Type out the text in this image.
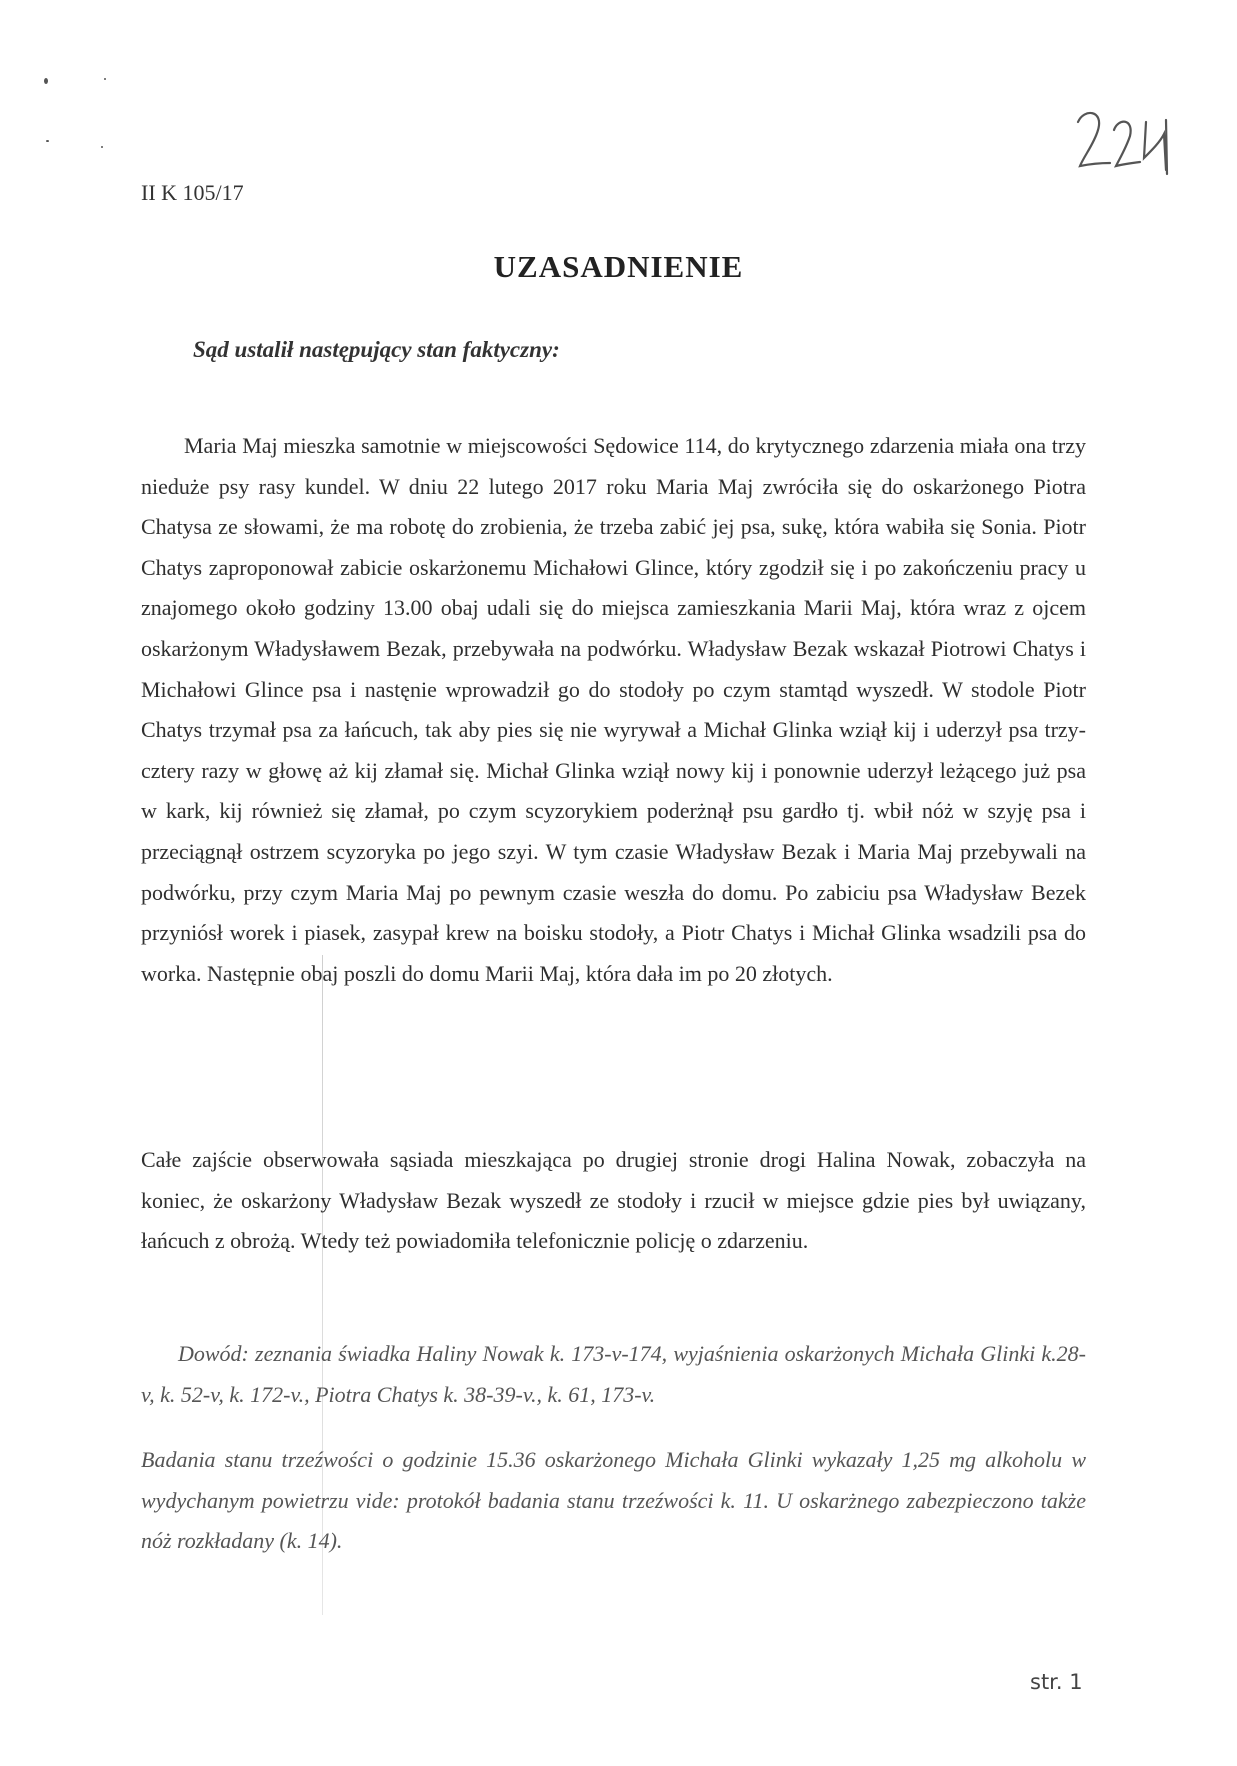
II K 105/17
UZASADNIENIE
Sąd ustalił następujący stan faktyczny:

Maria Maj mieszka samotnie w miejscowości Sędowice 114, do krytycznego zdarzenia miała ona trzy nieduże psy rasy kundel. W dniu 22 lutego 2017 roku Maria Maj zwróciła się do oskarżonego Piotra Chatysa ze słowami, że ma robotę do zrobienia, że trzeba zabić jej psa, sukę, która wabiła się Sonia. Piotr Chatys zaproponował zabicie oskarżonemu Michałowi Glince, który zgodził się i po zakończeniu pracy u znajomego około godziny 13.00 obaj udali się do miejsca zamieszkania Marii Maj, która wraz z ojcem oskarżonym Władysławem Bezak, przebywała na podwórku. Władysław Bezak wskazał Piotrowi Chatys i Michałowi Glince psa i nastęnie wprowadził go do stodoły po czym stamtąd wyszedł. W stodole Piotr Chatys trzymał psa za łańcuch, tak aby pies się nie wyrywał a Michał Glinka wziął kij i uderzył psa trzy- cztery razy w głowę aż kij złamał się. Michał Glinka wziął nowy kij i ponownie uderzył leżącego już psa w kark, kij również się złamał, po czym scyzorykiem poderżnął psu gardło tj. wbił nóż w szyję psa i przeciągnął ostrzem scyzoryka po jego szyi. W tym czasie Władysław Bezak i Maria Maj przebywali na podwórku, przy czym Maria Maj po pewnym czasie weszła do domu. Po zabiciu psa Władysław Bezek przyniósł worek i piasek, zasypał krew na boisku stodoły, a Piotr Chatys i Michał Glinka wsadzili psa do worka. Następnie obaj poszli do domu Marii Maj, która dała im po 20 złotych.

Całe zajście obserwowała sąsiada mieszkająca po drugiej stronie drogi Halina Nowak, zobaczyła na koniec, że oskarżony Władysław Bezak wyszedł ze stodoły i rzucił w miejsce gdzie pies był uwiązany, łańcuch z obrożą. Wtedy też powiadomiła telefonicznie policję o zdarzeniu.

Dowód: zeznania świadka Haliny Nowak k. 173-v-174, wyjaśnienia oskarżonych Michała Glinki k.28- v, k. 52-v, k. 172-v., Piotra Chatys k. 38-39-v., k. 61, 173-v.

Badania stanu trzeźwości o godzinie 15.36 oskarżonego Michała Glinki wykazały 1,25 mg alkoholu w wydychanym powietrzu vide: protokół badania stanu trzeźwości k. 11. U oskarżnego zabezpieczono także nóż rozkładany (k. 14).

str. 1
